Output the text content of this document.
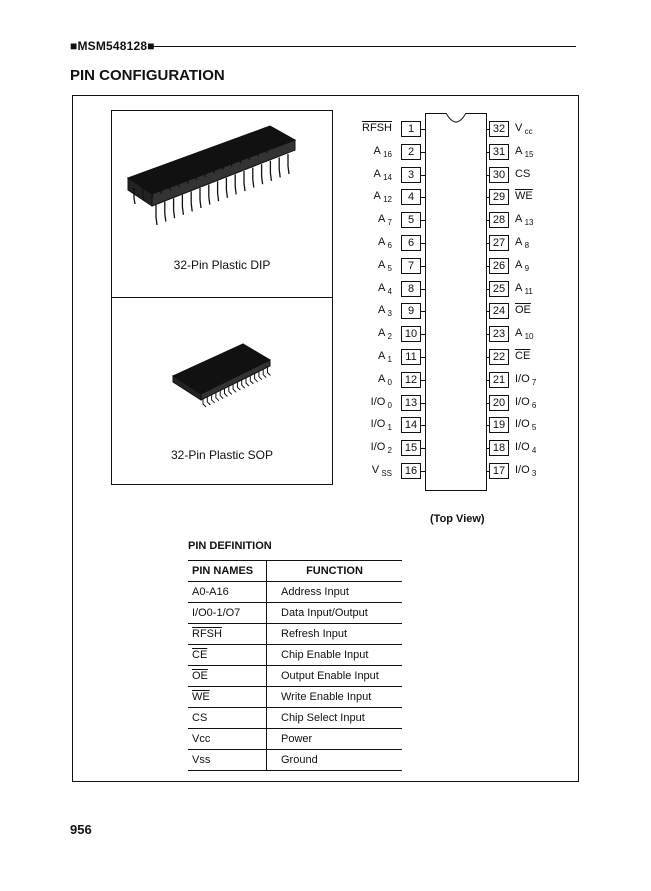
■MSM548128■
PIN CONFIGURATION
32-Pin Plastic DIP
32-Pin Plastic SOP
1
RFSH
2
A $_{16}$
3
A $_{14}$
4
A $_{12}$
5
A $_7$
6
A $_6$
7
A $_5$
8
A $_4$
9
A $_3$
10
A $_2$
11
A $_1$
12
A $_0$
13
I/O $_0$
14
I/O $_1$
15
I/O $_2$
16
V $_{SS}$
32 V $_{cc}$
31 A $_{15}$
30 CS
29 $\overline{WE}$
28 A $_{13}$
27 A $_8$
26 A $_9$
25 A $_{11}$
24 $\overline{OE}$
23 A $_{10}$
22 $\overline{CE}$
21 I/O $_7$
20 I/O $_6$
19 I/O $_5$
18 I/O $_4$
17 I/O $_3$
(Top View)
PIN DEFINITION
PIN NAMES	FUNCTION
A0-A16	Address Input
I/O0-1/O7	Data Input/Output
RFSH	Refresh Input
$\overline{CE}$	Chip Enable Input
$\overline{OE}$	Output Enable Input
$\overline{WE}$	Write Enable Input
CS	Chip Select Input
Vcc	Power
Vss	Ground
956
